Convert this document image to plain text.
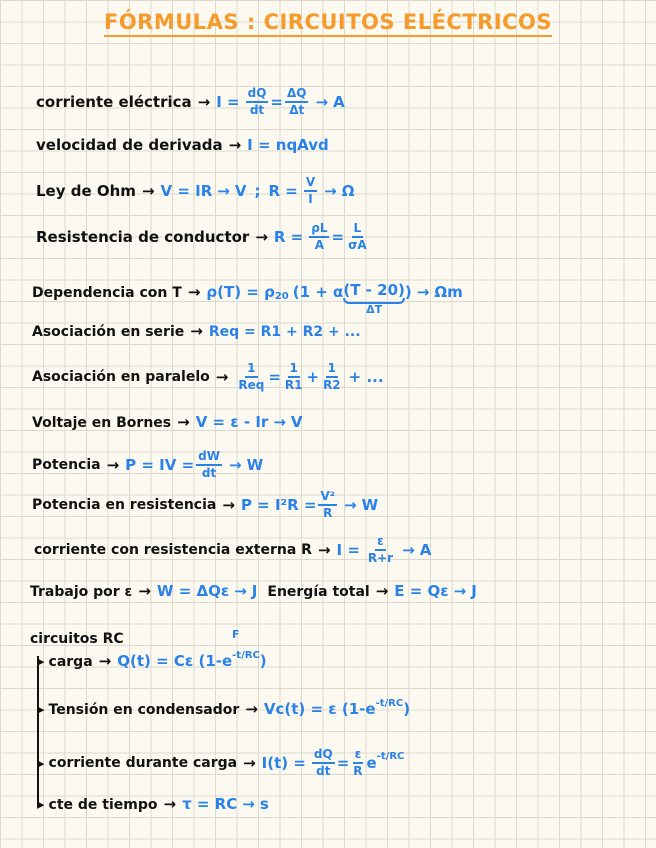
FÓRMULAS : CIRCUITOS ELÉCTRICOS
corriente eléctrica → $I = \frac{dQ}{dt} = \frac{\Delta Q}{\Delta t} \to A$
velocidad de derivada → I = nqAvd
Ley de Ohm → V = IR → V ; $R = \frac{V}{I} \to \Omega$
Resistencia de conductor → $R = \frac{\rho L}{A} = \frac{L}{\sigma A}$
Dependencia con T → ρ(T) = ρ 20 (1 + α (T - 20)
ΔT
) → Ωm
Asociación en serie → Req = R1 + R2 + ...
Asociación en paralelo → $\frac{1}{\text{Req}} = \frac{1}{R1} + \frac{1}{R2}$ + ...
Voltaje en Bornes → V = ε - Ir → V
Potencia → P = IV = $\frac{dW}{dt} \to W$
Potencia en resistencia → $P = I^2R = \frac{\text{V²}}{R} \to W$
corriente con resistencia externa $R \to I = \frac{\varepsilon}{R+r} \to A$
Trabajo por ε → W = ΔQε → J Energía total → E = Qε → J
circuitos RC	F
▸ carga → Q(t) = Cε (1-e -t/RC )
▸ Tensión en condensador → Vc(t) = ε (1-e -t/RC )
▸ corriente durante carga → $I(t) = \frac{dQ}{dt} = \frac{\varepsilon}{R}$ e -t/RC
▸ cte de tiempo → τ = RC → s
